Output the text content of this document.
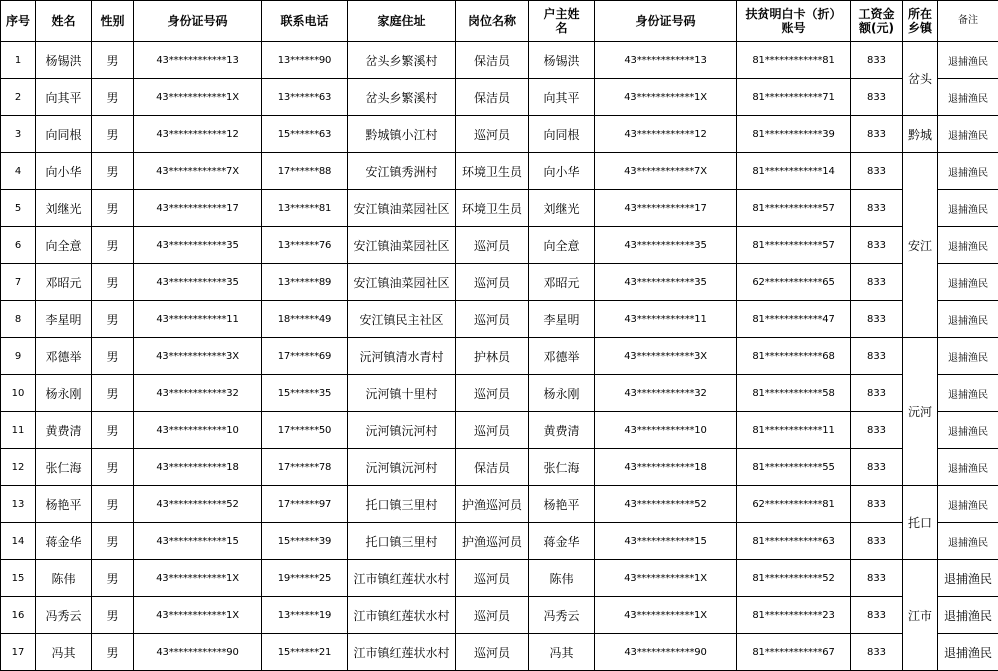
序号	姓名	性别	身份证号码	联系电话	家庭住址	岗位名称	户主姓名	身份证号码	扶贫明白卡（折）账号	工资金额(元)	所在乡镇	备注
1	杨锡洪	男	43************13	13******90	岔头乡繁溪村	保洁员	杨锡洪	43************13	81************81	833	岔头	退捕渔民
2	向其平	男	43************1X	13******63	岔头乡繁溪村	保洁员	向其平	43************1X	81************71	833		退捕渔民
3	向同根	男	43************12	15******63	黔城镇小江村	巡河员	向同根	43************12	81************39	833	黔城	退捕渔民
4	向小华	男	43************7X	17******88	安江镇秀洲村	环境卫生员	向小华	43************7X	81************14	833	安江	退捕渔民
5	刘继光	男	43************17	13******81	安江镇油菜园社区	环境卫生员	刘继光	43************17	81************57	833		退捕渔民
6	向全意	男	43************35	13******76	安江镇油菜园社区	巡河员	向全意	43************35	81************57	833		退捕渔民
7	邓昭元	男	43************35	13******89	安江镇油菜园社区	巡河员	邓昭元	43************35	62************65	833		退捕渔民
8	李星明	男	43************11	18******49	安江镇民主社区	巡河员	李星明	43************11	81************47	833		退捕渔民
9	邓德举	男	43************3X	17******69	沅河镇清水青村	护林员	邓德举	43************3X	81************68	833	沅河	退捕渔民
10	杨永刚	男	43************32	15******35	沅河镇十里村	巡河员	杨永刚	43************32	81************58	833		退捕渔民
11	黄费清	男	43************10	17******50	沅河镇沅河村	巡河员	黄费清	43************10	81************11	833		退捕渔民
12	张仁海	男	43************18	17******78	沅河镇沅河村	保洁员	张仁海	43************18	81************55	833		退捕渔民
13	杨艳平	男	43************52	17******97	托口镇三里村	护渔巡河员	杨艳平	43************52	62************81	833	托口	退捕渔民
14	蒋金华	男	43************15	15******39	托口镇三里村	护渔巡河员	蒋金华	43************15	81************63	833		退捕渔民
15	陈伟	男	43************1X	19******25	江市镇红莲状水村	巡河员	陈伟	43************1X	81************52	833	江市	退捕渔民
16	冯秀云	男	43************1X	13******19	江市镇红莲状水村	巡河员	冯秀云	43************1X	81************23	833		退捕渔民
17	冯其	男	43************90	15******21	江市镇红莲状水村	巡河员	冯其	43************90	81************67	833		退捕渔民
